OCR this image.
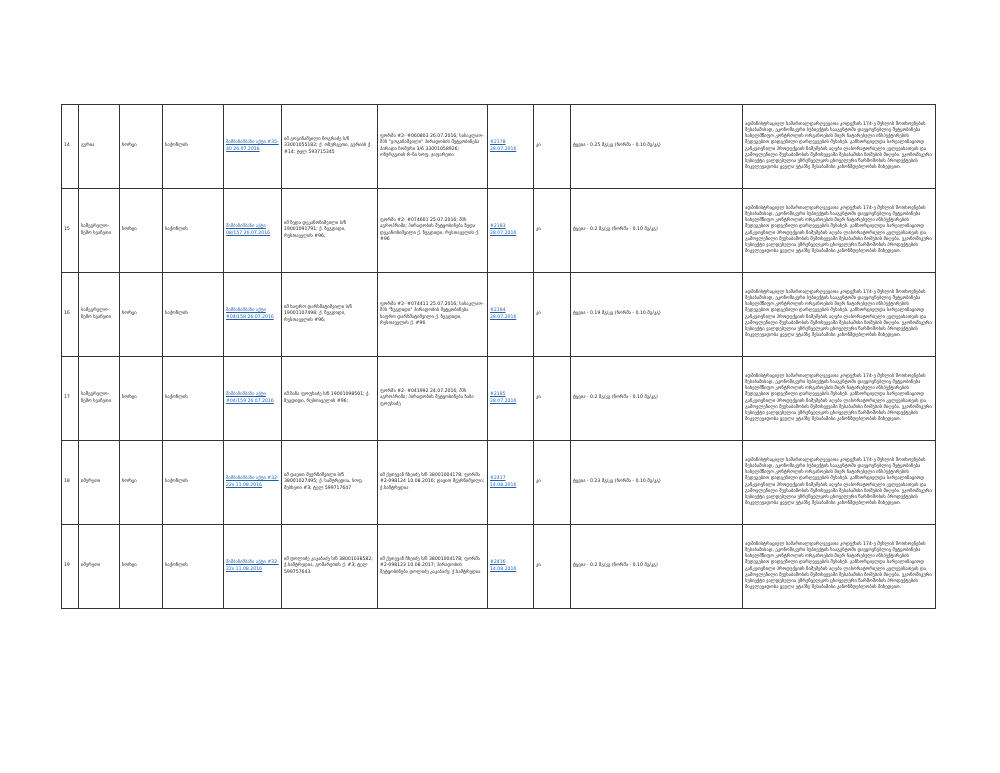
14	გურია	ხორცი	საქონლის	შიმბაზიმბაზი აქტი #35-40 26.07.2016	იმ გოგიჩაშვილი ზოგრაძე ს/ნ 33001055182; ქ. ოზურგეთი, გურიის ქ. #14; ტელ 593715345	ფორმა #2- #060803 26.07.2016; სასაკლაო-შპს "გოგიჩაშვილი" პირადობის შეტყობინება პირადი ნომერი 3/6 33001058926; ოზურგეთის რ-ნი სოფ. ჯაფარეთი	#2178 28.07.2016	კი	ტყვია - 0.25 მგ/კგ (ნორმა - 0.10 მგ/კგ)	ადმინისტრაციულ სამართალდარღვევათა კოდექსის 174-ე მუხლის მოთხოვნების შესაბამისად, ეკონომიკური სუბიექტის სააგენტოში დაუყოვნებლივ შეტყობინება სახელმწიფო კონტროლის ორგანოების მიერ ჩატარებული ინსპექტირების შედეგებით დადგენილი დარღვევების შესახებ. განხორციელდა სარეალიზაციოდ განკუთვნილი პროდუქციის ნიმუშების აღება ლაბორატორიული კვლევისათვის და გამოვლენილი შეუსაბამობის შემთხვევაში შესაბამისი ზომების მიღება. ეკონომიკური სუბიექტი ვალდებულია უზრუნველყოს ცხოველური წარმოშობის პროდუქტების მიკვლევადობა ყველა ეტაპზე შესაბამისი კანონმდებლობის მიხედვით.
15	სამეგრელო-ზემო სვანეთი	ხორცი	საქონლის	შიმბაზიმბაზი აქტი 08/157 26.07.2016	იმ ზედა დეკანოზიშვილი ს/ნ 19001091791; ქ. ზუგდიდი, რუსთაველის #96;	ფორმა #2- #074601 25.07.2016; შპს აგროპრიმი; პირადობის შეტყობინება ზედა დეკანოზიშვილი ქ. ზუგდიდი, რუსთაველის ქ. #96	#2183 28.07.2016	კი	ტყვია - 0.2 მგ/კგ (ნორმა - 0.10 მგ/კგ)	ადმინისტრაციულ სამართალდარღვევათა კოდექსის 174-ე მუხლის მოთხოვნების შესაბამისად, ეკონომიკური სუბიექტის სააგენტოში დაუყოვნებლივ შეტყობინება სახელმწიფო კონტროლის ორგანოების მიერ ჩატარებული ინსპექტირების შედეგებით დადგენილი დარღვევების შესახებ. განხორციელდა სარეალიზაციოდ განკუთვნილი პროდუქციის ნიმუშების აღება ლაბორატორიული კვლევისათვის და გამოვლენილი შეუსაბამობის შემთხვევაში შესაბამისი ზომების მიღება. ეკონომიკური სუბიექტი ვალდებულია უზრუნველყოს ცხოველური წარმოშობის პროდუქტების მიკვლევადობა ყველა ეტაპზე შესაბამისი კანონმდებლობის მიხედვით.
16	სამეგრელო-ზემო სვანეთი	ხორცი	საქონლის	შიმბაზიმბაზი აქტი #04/158 26.07.2016	იმ ხაფრო დარსმატიშვილი ს/ნ 19001107498; ქ. ზუგდიდი, რუსთაველის #96;	ფორმა #2- #074411 25.07.2016; სასაკლაო-შპს "ზუგდიდი" პირადობის შეტყობინება ხაფრო დარსმატიშვილი ქ. ზუგდიდი, რუსთაველის ქ. #96	#2184 28.07.2016	კი	ტყვია - 0.19 მგ/კგ (ნორმა - 0.10 მგ/კგ)	ადმინისტრაციულ სამართალდარღვევათა კოდექსის 174-ე მუხლის მოთხოვნების შესაბამისად, ეკონომიკური სუბიექტის სააგენტოში დაუყოვნებლივ შეტყობინება სახელმწიფო კონტროლის ორგანოების მიერ ჩატარებული ინსპექტირების შედეგებით დადგენილი დარღვევების შესახებ. განხორციელდა სარეალიზაციოდ განკუთვნილი პროდუქციის ნიმუშების აღება ლაბორატორიული კვლევისათვის და გამოვლენილი შეუსაბამობის შემთხვევაში შესაბამისი ზომების მიღება. ეკონომიკური სუბიექტი ვალდებულია უზრუნველყოს ცხოველური წარმოშობის პროდუქტების მიკვლევადობა ყველა ეტაპზე შესაბამისი კანონმდებლობის მიხედვით.
17	სამეგრელო-ზემო სვანეთი	ხორცი	საქონლის	შიმბაზიმბაზი აქტი #04/159 26.07.2016	იმ ზაზა ფოფხაძე ს/ნ 19001098501; ქ. ზუგდიდი, რუსთაველის #96;	ფორმა #2- #041992 24.07.2016; შპს აგროპრიმი; პირადობის შეტყობინება ზაზა ფოფხაძე	#2185 28.07.2016	კი	ტყვია - 0.2 მგ/კგ (ნორმა - 0.10 მგ/კგ)	ადმინისტრაციულ სამართალდარღვევათა კოდექსის 174-ე მუხლის მოთხოვნების შესაბამისად, ეკონომიკური სუბიექტის სააგენტოში დაუყოვნებლივ შეტყობინება სახელმწიფო კონტროლის ორგანოების მიერ ჩატარებული ინსპექტირების შედეგებით დადგენილი დარღვევების შესახებ. განხორციელდა სარეალიზაციოდ განკუთვნილი პროდუქციის ნიმუშების აღება ლაბორატორიული კვლევისათვის და გამოვლენილი შეუსაბამობის შემთხვევაში შესაბამისი ზომების მიღება. ეკონომიკური სუბიექტი ვალდებულია უზრუნველყოს ცხოველური წარმოშობის პროდუქტების მიკვლევადობა ყველა ეტაპზე შესაბამისი კანონმდებლობის მიხედვით.
18	იმერეთი	ხორცი	საქონლის	შიმბაზიმბაზი აქტი #32-22ი 11.08.2016	იმ დავით მეურნიშვილი ს/ნ 38001027495; ქ. სამტრედია, სოფ. მესხეთი #3; ტელ 599717647	იმ ქეთევან ჩხეიძე ს/ნ 38001004178; ფორმა #2-098124 10.08.2016; დავით მეურნიშვილი; ქ.სამტრედია	#2417 14.08.2016	კი	ტყვია - 0.23 მგ/კგ (ნორმა - 0.10 მგ/კგ)	ადმინისტრაციულ სამართალდარღვევათა კოდექსის 174-ე მუხლის მოთხოვნების შესაბამისად, ეკონომიკური სუბიექტის სააგენტოში დაუყოვნებლივ შეტყობინება სახელმწიფო კონტროლის ორგანოების მიერ ჩატარებული ინსპექტირების შედეგებით დადგენილი დარღვევების შესახებ. განხორციელდა სარეალიზაციოდ განკუთვნილი პროდუქციის ნიმუშების აღება ლაბორატორიული კვლევისათვის და გამოვლენილი შეუსაბამობის შემთხვევაში შესაბამისი ზომების მიღება. ეკონომიკური სუბიექტი ვალდებულია უზრუნველყოს ცხოველური წარმოშობის პროდუქტების მიკვლევადობა ყველა ეტაპზე შესაბამისი კანონმდებლობის მიხედვით.
19	იმერეთი	ხორცი	საქონლის	შიმბაზიმბაზი აქტი #32-22ი 11.08.2016	იმ დოლიძე კაკაბაძე ს/ნ 38001038582; ქ.სამტრედია, გომარეთის ქ. #3; ტელ 599757643	იმ ქეთევან ჩხეიძე ს/ნ 38001004178; ფორმა #2-098123 10.08.2017; პირადობის შეტყობინება დოლიძე კაკაბაძე; ქ.სამტრედია	#2416 14.08.2016	კი	ტყვია - 0.2 მგ/კგ (ნორმა - 0.10 მგ/კგ)	ადმინისტრაციულ სამართალდარღვევათა კოდექსის 174-ე მუხლის მოთხოვნების შესაბამისად, ეკონომიკური სუბიექტის სააგენტოში დაუყოვნებლივ შეტყობინება სახელმწიფო კონტროლის ორგანოების მიერ ჩატარებული ინსპექტირების შედეგებით დადგენილი დარღვევების შესახებ. განხორციელდა სარეალიზაციოდ განკუთვნილი პროდუქციის ნიმუშების აღება ლაბორატორიული კვლევისათვის და გამოვლენილი შეუსაბამობის შემთხვევაში შესაბამისი ზომების მიღება. ეკონომიკური სუბიექტი ვალდებულია უზრუნველყოს ცხოველური წარმოშობის პროდუქტების მიკვლევადობა ყველა ეტაპზე შესაბამისი კანონმდებლობის მიხედვით.
